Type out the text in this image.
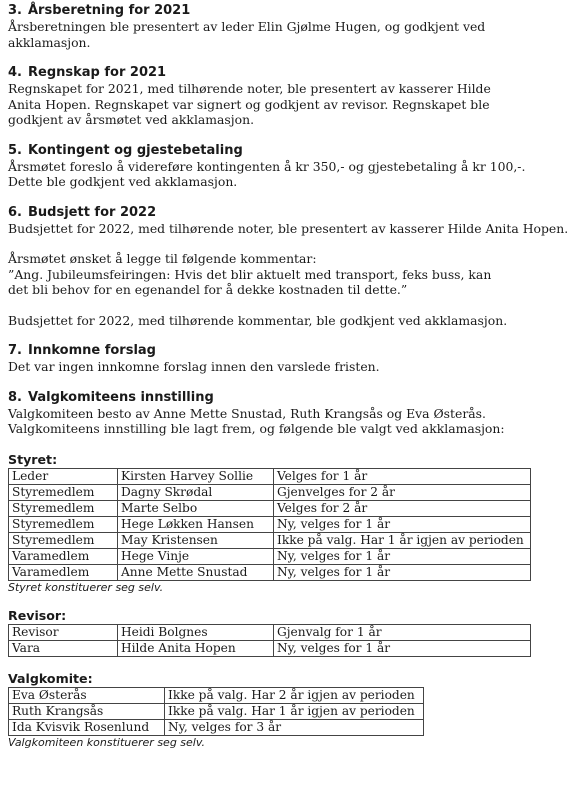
3. Årsberetning for 2021

Årsberetningen ble presentert av leder Elin Gjølme Hugen, og godkjent ved akklamasjon.

4. Regnskap for 2021

Regnskapet for 2021, med tilhørende noter, ble presentert av kasserer Hilde Anita Hopen. Regnskapet var signert og godkjent av revisor. Regnskapet ble godkjent av årsmøtet ved akklamasjon.

5. Kontingent og gjestebetaling

Årsmøtet foreslo å videreføre kontingenten å kr 350,- og gjestebetaling å kr 100,-. Dette ble godkjent ved akklamasjon.

6. Budsjett for 2022

Budsjettet for 2022, med tilhørende noter, ble presentert av kasserer Hilde Anita Hopen.

Årsmøtet ønsket å legge til følgende kommentar:

”Ang. Jubileumsfeiringen: Hvis det blir aktuelt med transport, feks buss, kan det bli behov for en egenandel for å dekke kostnaden til dette.”

Budsjettet for 2022, med tilhørende kommentar, ble godkjent ved akklamasjon.

7. Innkomne forslag

Det var ingen innkomne forslag innen den varslede fristen.

8. Valgkomiteens innstilling

Valgkomiteen besto av Anne Mette Snustad, Ruth Krangsås og Eva Østerås.

Valgkomiteens innstilling ble lagt frem, og følgende ble valgt ved akklamasjon:

Styret:

Leder	Kirsten Harvey Sollie	Velges for 1 år
Styremedlem	Dagny Skrødal	Gjenvelges for 2 år
Styremedlem	Marte Selbo	Velges for 2 år
Styremedlem	Hege Løkken Hansen	Ny, velges for 1 år
Styremedlem	May Kristensen	Ikke på valg. Har 1 år igjen av perioden
Varamedlem	Hege Vinje	Ny, velges for 1 år
Varamedlem	Anne Mette Snustad	Ny, velges for 1 år

Styret konstituerer seg selv.

Revisor:

Revisor	Heidi Bolgnes	Gjenvalg for 1 år
Vara	Hilde Anita Hopen	Ny, velges for 1 år

Valgkomite:

Eva Østerås	Ikke på valg. Har 2 år igjen av perioden
Ruth Krangsås	Ikke på valg. Har 1 år igjen av perioden
Ida Kvisvik Rosenlund	Ny, velges for 3 år

Valgkomiteen konstituerer seg selv.
